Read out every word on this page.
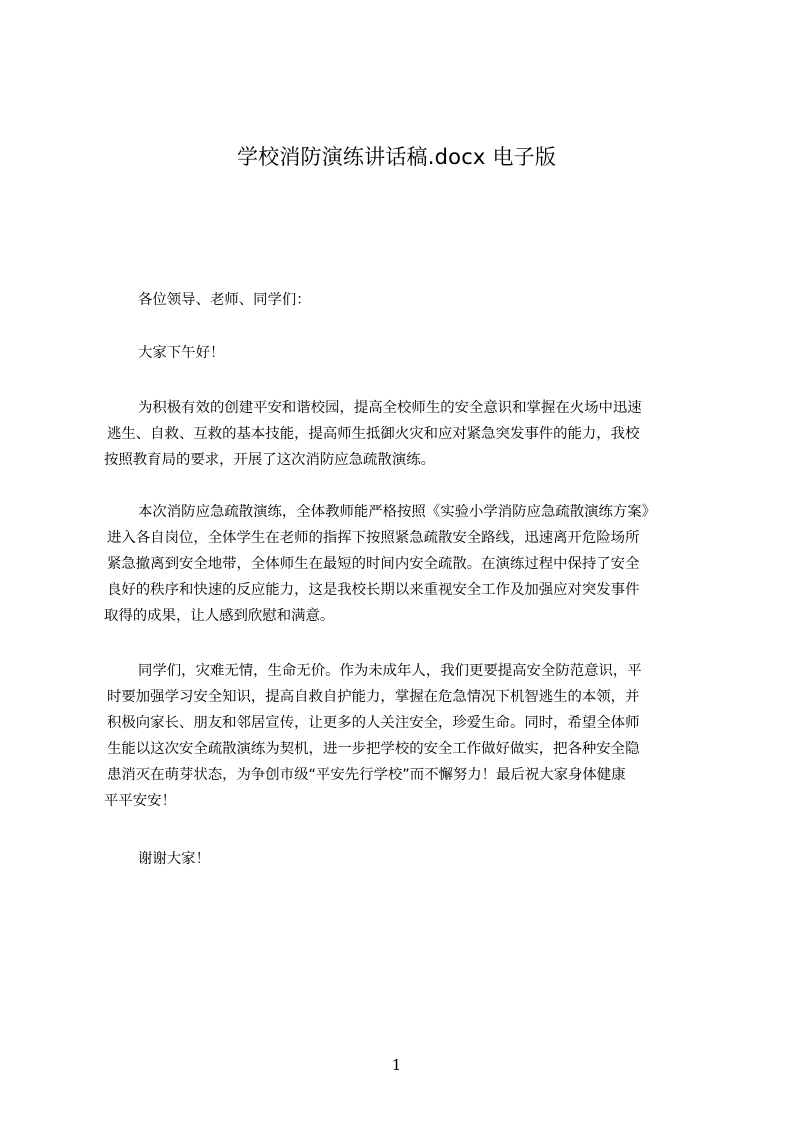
学校消防演练讲话稿.docx 电子版
各位领导、老师、同学们：
大家下午好！
为积极有效的创建平安和谐校园，提高全校师生的安全意识和掌握在火场中迅速
逃生、自救、互救的基本技能，提高师生抵御火灾和应对紧急突发事件的能力，我校
按照教育局的要求，开展了这次消防应急疏散演练。
本次消防应急疏散演练，全体教师能严格按照《实验小学消防应急疏散演练方案》
进入各自岗位，全体学生在老师的指挥下按照紧急疏散安全路线，迅速离开危险场所
紧急撤离到安全地带，全体师生在最短的时间内安全疏散。在演练过程中保持了安全
良好的秩序和快速的反应能力，这是我校长期以来重视安全工作及加强应对突发事件
取得的成果，让人感到欣慰和满意。
同学们，灾难无情，生命无价。作为未成年人，我们更要提高安全防范意识，平
时要加强学习安全知识，提高自救自护能力，掌握在危急情况下机智逃生的本领，并
积极向家长、朋友和邻居宣传，让更多的人关注安全，珍爱生命。同时，希望全体师
生能以这次安全疏散演练为契机，进一步把学校的安全工作做好做实，把各种安全隐
患消灭在萌芽状态，为争创市级“平安先行学校”而不懈努力！最后祝大家身体健康
平平安安！
谢谢大家！
1
